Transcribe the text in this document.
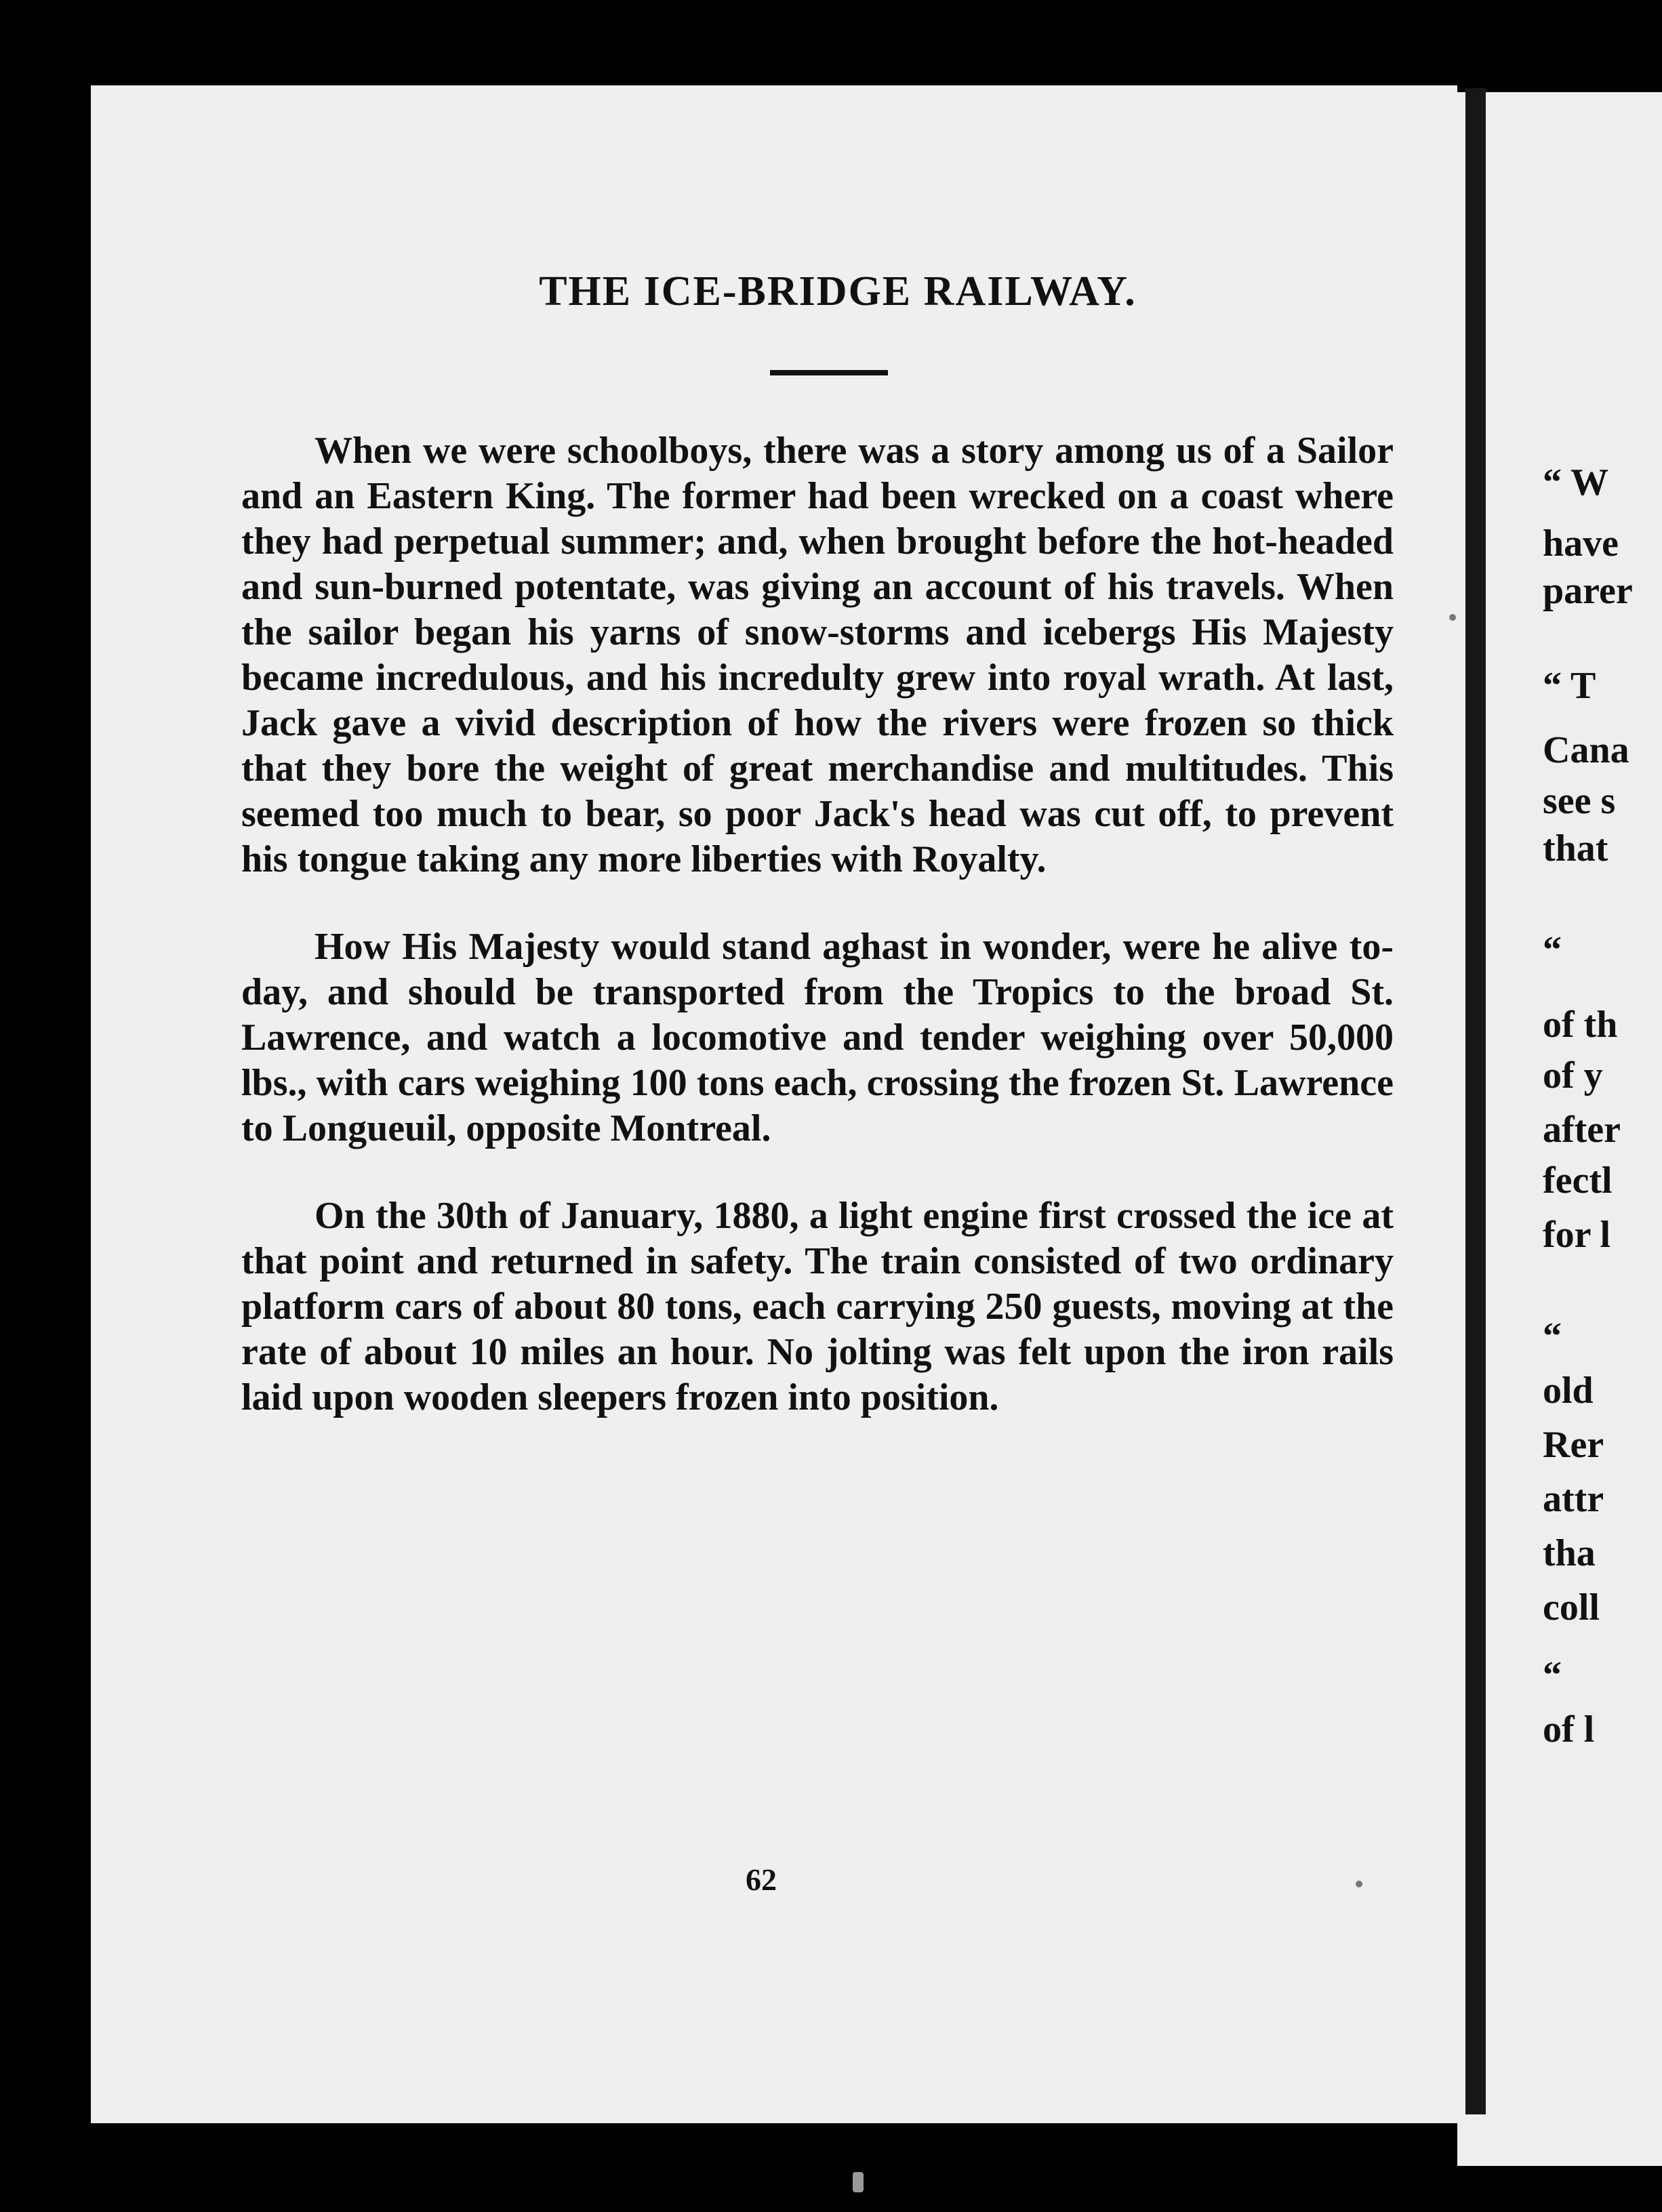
THE ICE-BRIDGE RAILWAY.

When we were schoolboys, there was a story among us of a Sailor and an Eastern King. The former had been wrecked on a coast where they had perpetual summer; and, when brought before the hot-headed and sun-burned potentate, was giving an account of his travels. When the sailor began his yarns of snow-storms and icebergs His Majesty became incredulous, and his incredulty grew into royal wrath. At last, Jack gave a vivid description of how the rivers were frozen so thick that they bore the weight of great merchandise and multitudes. This seemed too much to bear, so poor Jack's head was cut off, to prevent his tongue taking any more liberties with Royalty.

How His Majesty would stand aghast in wonder, were he alive to-day, and should be transported from the Tropics to the broad St. Lawrence, and watch a locomotive and tender weighing over 50,000 lbs., with cars weighing 100 tons each, crossing the frozen St. Lawrence to Longueuil, opposite Montreal.

On the 30th of January, 1880, a light engine first crossed the ice at that point and returned in safety. The train consisted of two ordinary platform cars of about 80 tons, each carrying 250 guests, moving at the rate of about 10 miles an hour. No jolting was felt upon the iron rails laid upon wooden sleepers frozen into position.

62
“ W
have
parer
“ T
Cana
see s
that
“
of th
of y
after
fectl
for l
“
old
Rer
attr
tha
coll
“
of l
